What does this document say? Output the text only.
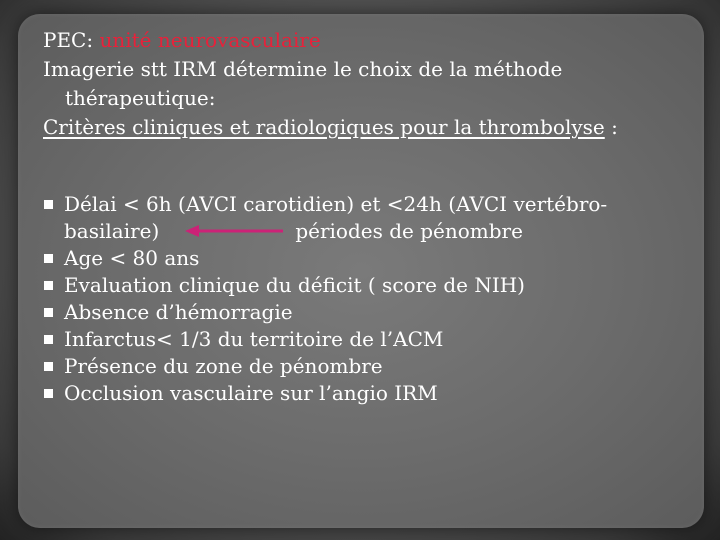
PEC: unité neurovasculaire

Imagerie stt IRM détermine le choix de la méthode

thérapeutique:

Critères cliniques et radiologiques pour la thrombolyse :

Délai < 6h (AVCI carotidien) et <24h (AVCI vertébro-
basilaire)	périodes de pénombre
Age < 80 ans
Evaluation clinique du déficit ( score de NIH)
Absence d’hémorragie
Infarctus< 1/3 du territoire de l’ACM
Présence du zone de pénombre
Occlusion vasculaire sur l’angio IRM
